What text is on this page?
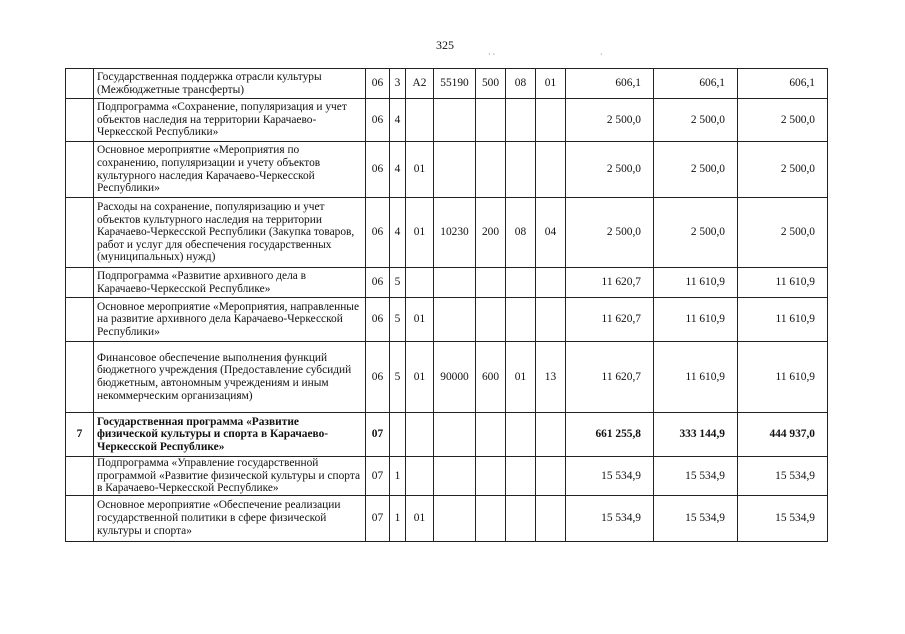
325
	Государственная поддержка отрасли культуры (Межбюджетные трансферты)	06	3	А2	55190	500	08	01	606,1	606,1	606,1
	Подпрограмма «Сохранение, популяризация и учет объектов наследия на территории Карачаево-Черкесской Республики»	06	4						2 500,0	2 500,0	2 500,0
	Основное мероприятие «Мероприятия по сохранению, популяризации и учету объектов культурного наследия Карачаево-Черкесской Республики»	06	4	01					2 500,0	2 500,0	2 500,0
	Расходы на сохранение, популяризацию и учет объектов культурного наследия на территории Карачаево-Черкесской Республики (Закупка товаров, работ и услуг для обеспечения государственных (муниципальных) нужд)	06	4	01	10230	200	08	04	2 500,0	2 500,0	2 500,0
	Подпрограмма «Развитие архивного дела в Карачаево-Черкесской Республике»	06	5						11 620,7	11 610,9	11 610,9
	Основное мероприятие «Мероприятия, направленные на развитие архивного дела Карачаево-Черкесской Республики»	06	5	01					11 620,7	11 610,9	11 610,9
	Финансовое обеспечение выполнения функций бюджетного учреждения (Предоставление субсидий бюджетным, автономным учреждениям и иным некоммерческим организациям)	06	5	01	90000	600	01	13	11 620,7	11 610,9	11 610,9
7	Государственная программа «Развитие физической культуры и спорта в Карачаево-Черкесской Республике»	07							661 255,8	333 144,9	444 937,0
	Подпрограмма «Управление государственной программой «Развитие физической культуры и спорта в Карачаево-Черкесской Республике»	07	1						15 534,9	15 534,9	15 534,9
	Основное мероприятие «Обеспечение реализации государственной политики в сфере физической культуры и спорта»	07	1	01					15 534,9	15 534,9	15 534,9
· ·	·
